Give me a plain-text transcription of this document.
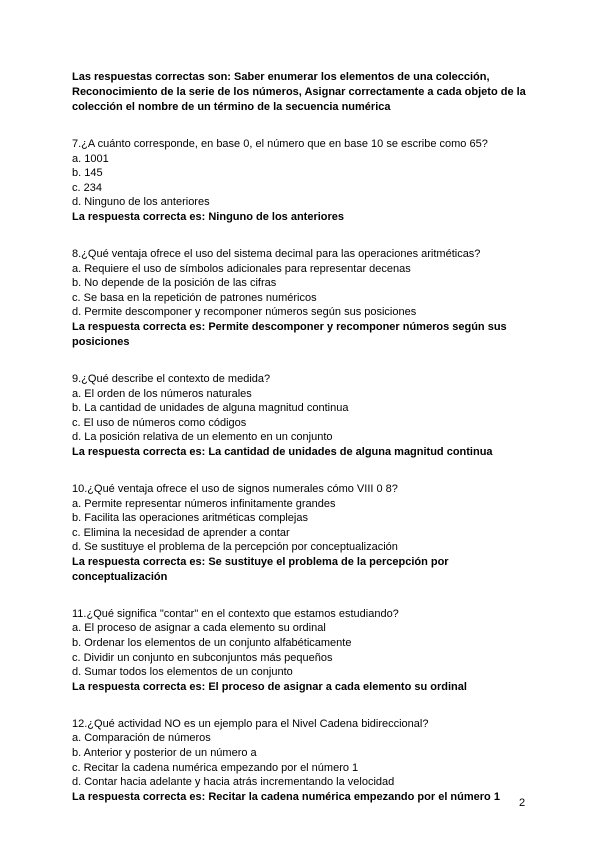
Las respuestas correctas son: Saber enumerar los elementos de una colección, Reconocimiento de la serie de los números, Asignar correctamente a cada objeto de la colección el nombre de un término de la secuencia numérica
7.¿A cuánto corresponde, en base 0, el número que en base 10 se escribe como 65?
a. 1001
b. 145
c. 234
d. Ninguno de los anteriores
La respuesta correcta es: Ninguno de los anteriores
8.¿Qué ventaja ofrece el uso del sistema decimal para las operaciones aritméticas?
a. Requiere el uso de símbolos adicionales para representar decenas
b. No depende de la posición de las cifras
c. Se basa en la repetición de patrones numéricos
d. Permite descomponer y recomponer números según sus posiciones
La respuesta correcta es: Permite descomponer y recomponer números según sus posiciones
9.¿Qué describe el contexto de medida?
a. El orden de los números naturales
b. La cantidad de unidades de alguna magnitud continua
c. El uso de números como códigos
d. La posición relativa de un elemento en un conjunto
La respuesta correcta es: La cantidad de unidades de alguna magnitud continua
10.¿Qué ventaja ofrece el uso de signos numerales cómo VIII 0 8?
a. Permite representar números infinitamente grandes
b. Facilita las operaciones aritméticas complejas
c. Elimina la necesidad de aprender a contar
d. Se sustituye el problema de la percepción por conceptualización
La respuesta correcta es: Se sustituye el problema de la percepción por conceptualización
11.¿Qué significa "contar" en el contexto que estamos estudiando?
a. El proceso de asignar a cada elemento su ordinal
b. Ordenar los elementos de un conjunto alfabéticamente
c. Dividir un conjunto en subconjuntos más pequeños
d. Sumar todos los elementos de un conjunto
La respuesta correcta es: El proceso de asignar a cada elemento su ordinal
12.¿Qué actividad NO es un ejemplo para el Nivel Cadena bidireccional?
a. Comparación de números
b. Anterior y posterior de un número a
c. Recitar la cadena numérica empezando por el número 1
d. Contar hacia adelante y hacia atrás incrementando la velocidad
La respuesta correcta es: Recitar la cadena numérica empezando por el número 1
2
